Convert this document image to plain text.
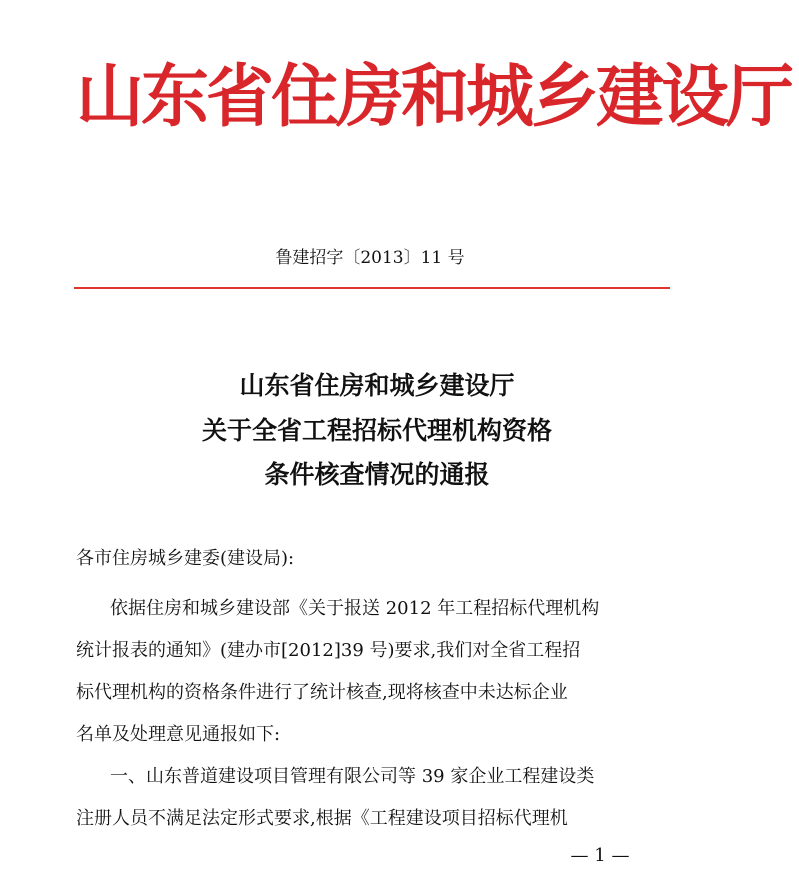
山东省住房和城乡建设厅
鲁建招字〔2013〕11 号
山东省住房和城乡建设厅
关于全省工程招标代理机构资格
条件核查情况的通报
各市住房城乡建委(建设局):
依据住房和城乡建设部《关于报送 2012 年工程招标代理机构
统计报表的通知》(建办市[2012]39 号)要求,我们对全省工程招
标代理机构的资格条件进行了统计核查,现将核查中未达标企业
名单及处理意见通报如下:
一、山东普道建设项目管理有限公司等 39 家企业工程建设类
注册人员不满足法定形式要求,根据《工程建设项目招标代理机
— 1 —
